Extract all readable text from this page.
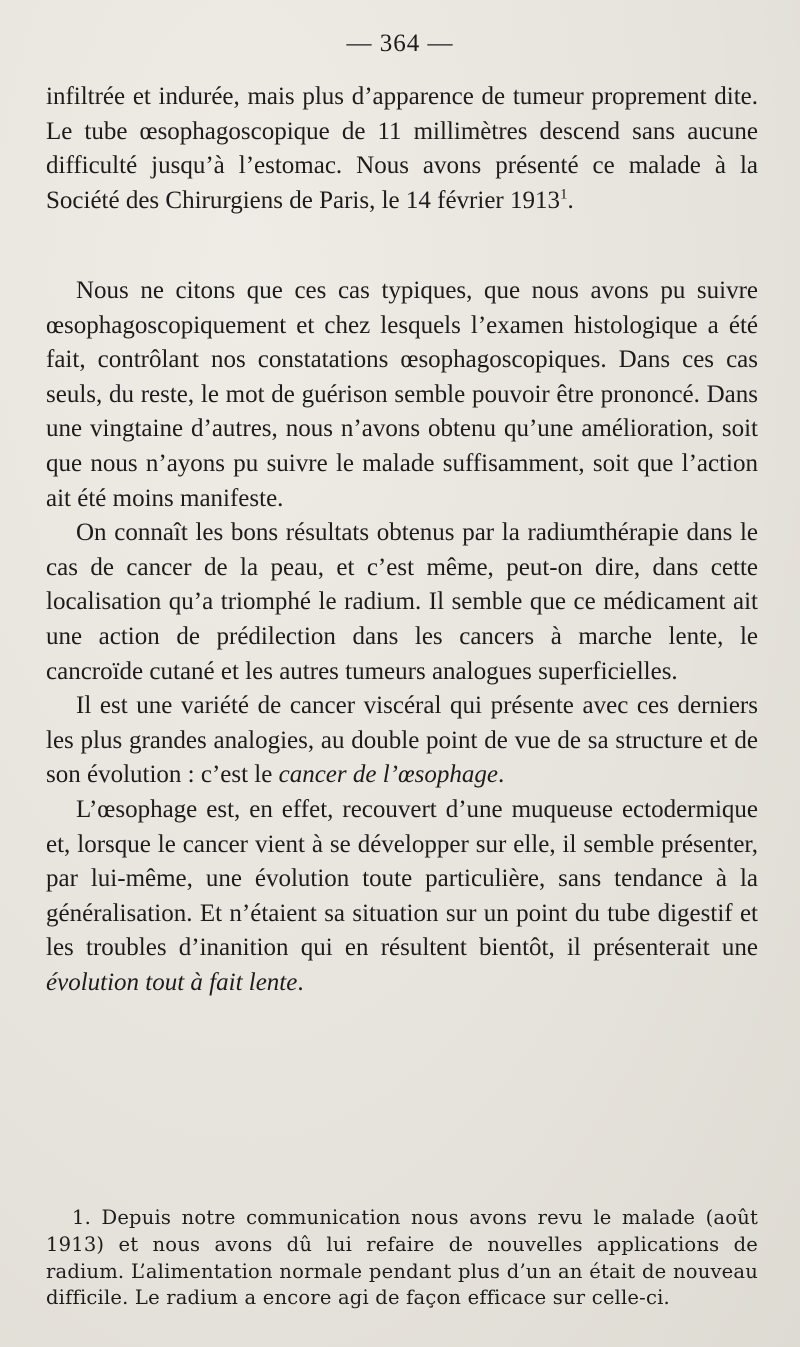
— 364 —

infiltrée et indurée, mais plus d’apparence de tumeur proprement dite. Le tube œsophagoscopique de 11 millimètres descend sans aucune difficulté jusqu’à l’estomac. Nous avons présenté ce malade à la Société des Chirurgiens de Paris, le 14 février 1913$^1$.

Nous ne citons que ces cas typiques, que nous avons pu suivre œsophagoscopiquement et chez lesquels l’examen histologique a été fait, contrôlant nos constatations œsophagoscopiques. Dans ces cas seuls, du reste, le mot de guérison semble pouvoir être prononcé. Dans une vingtaine d’autres, nous n’avons obtenu qu’une amélioration, soit que nous n’ayons pu suivre le malade suffisamment, soit que l’action ait été moins manifeste.

On connaît les bons résultats obtenus par la radiumthérapie dans le cas de cancer de la peau, et c’est même, peut-on dire, dans cette localisation qu’a triomphé le radium. Il semble que ce médicament ait une action de prédilection dans les cancers à marche lente, le cancroïde cutané et les autres tumeurs analogues superficielles.

Il est une variété de cancer viscéral qui présente avec ces derniers les plus grandes analogies, au double point de vue de sa structure et de son évolution : c’est le cancer de l’œsophage.

L’œsophage est, en effet, recouvert d’une muqueuse ectodermique et, lorsque le cancer vient à se développer sur elle, il semble présenter, par lui-même, une évolution toute particulière, sans tendance à la généralisation. Et n’étaient sa situation sur un point du tube digestif et les troubles d’inanition qui en résultent bientôt, il présenterait une évolution tout à fait lente.

1. Depuis notre communication nous avons revu le malade (août 1913) et nous avons dû lui refaire de nouvelles applications de radium. L’alimentation normale pendant plus d’un an était de nouveau difficile. Le radium a encore agi de façon efficace sur celle-ci.
